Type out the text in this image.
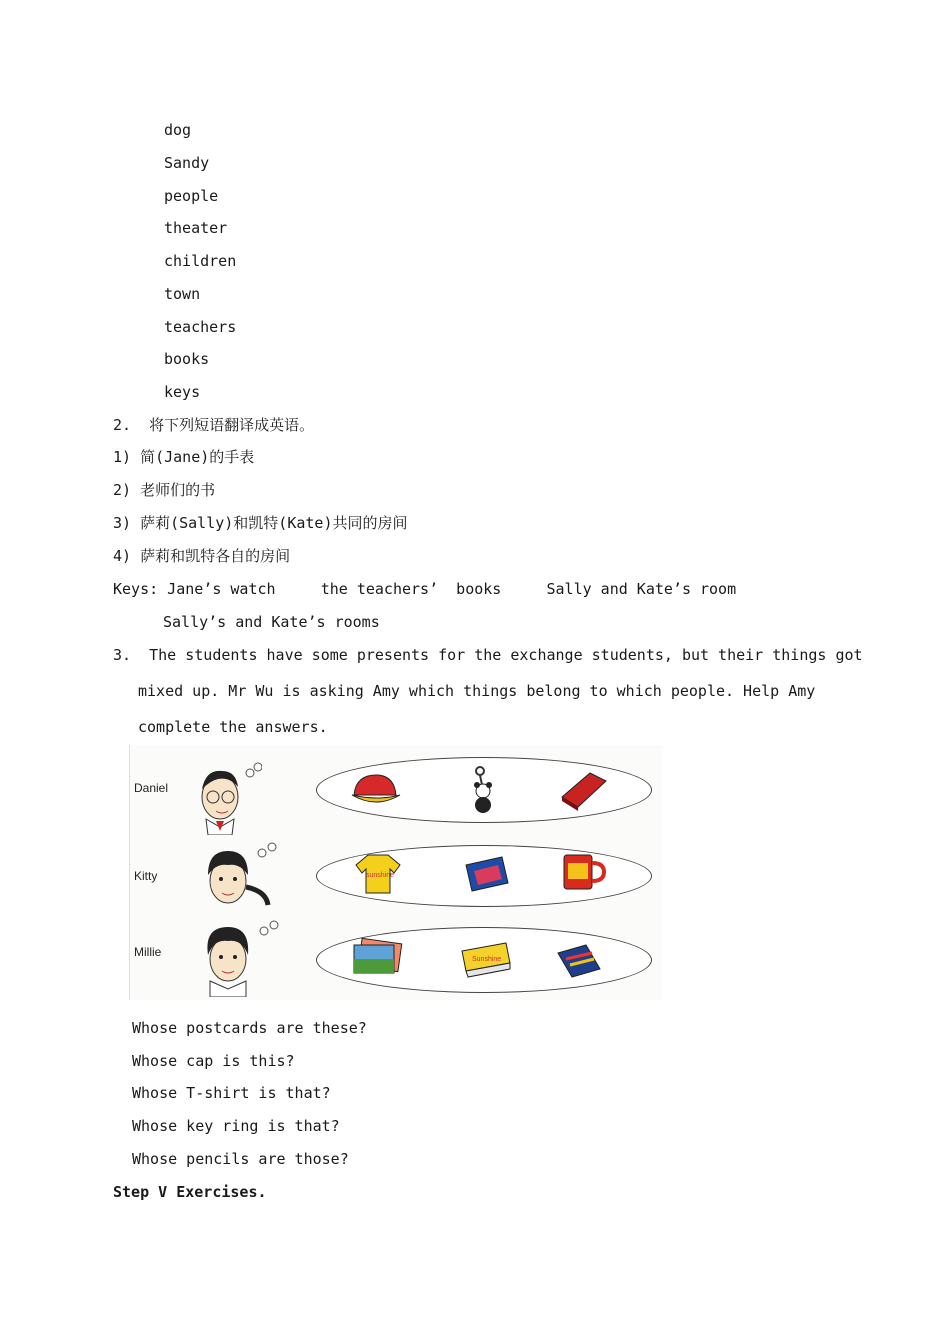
dog
Sandy
people
theater
children
town
teachers
books
keys
2.  将下列短语翻译成英语。
1) 简(Jane)的手表
2) 老师们的书
3) 萨莉(Sally)和凯特(Kate)共同的房间
4) 萨莉和凯特各自的房间
Keys: Jane’s watch     the teachers’  books     Sally and Kate’s room
Sally’s and Kate’s rooms
3.  The students have some presents for the exchange students, but their things got
mixed up. Mr Wu is asking Amy which things belong to which people. Help Amy
complete the answers.
Daniel
Kitty	sunshine
Millie
Sunshine
Whose postcards are these?
Whose cap is this?
Whose T-shirt is that?
Whose key ring is that?
Whose pencils are those?
Step V Exercises.
